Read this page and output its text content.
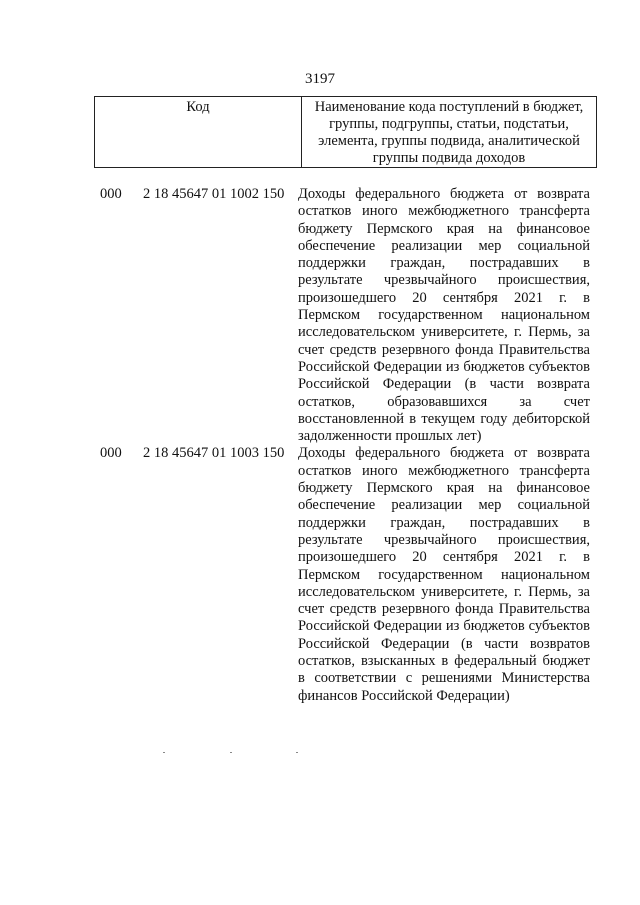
3197
Код	Наименование кода поступлений в бюджет, группы, подгруппы, статьи, подстатьи, элемента, группы подвида, аналитической группы подвида доходов
000	2 18 45647 01 1002 150 Доходы федерального бюджета от возврата остатков иного межбюджетного трансферта бюджету Пермского края на финансовое обеспечение реализации мер социальной поддержки граждан, пострадавших в результате чрезвычайного происшествия, произошедшего 20 сентября 2021 г. в Пермском государственном национальном исследовательском университете, г. Пермь, за счет средств резервного фонда Правительства Российской Федерации из бюджетов субъектов Российской Федерации (в части возврата остатков, образовавшихся за счет восстановленной в текущем году дебиторской задолженности прошлых лет)
000	2 18 45647 01 1003 150 Доходы федерального бюджета от возврата остатков иного межбюджетного трансферта бюджету Пермского края на финансовое обеспечение реализации мер социальной поддержки граждан, пострадавших в результате чрезвычайного происшествия, произошедшего 20 сентября 2021 г. в Пермском государственном национальном исследовательском университете, г. Пермь, за счет средств резервного фонда Правительства Российской Федерации из бюджетов субъектов Российской Федерации (в части возвратов остатков, взысканных в федеральный бюджет в соответствии с решениями Министерства финансов Российской Федерации)
